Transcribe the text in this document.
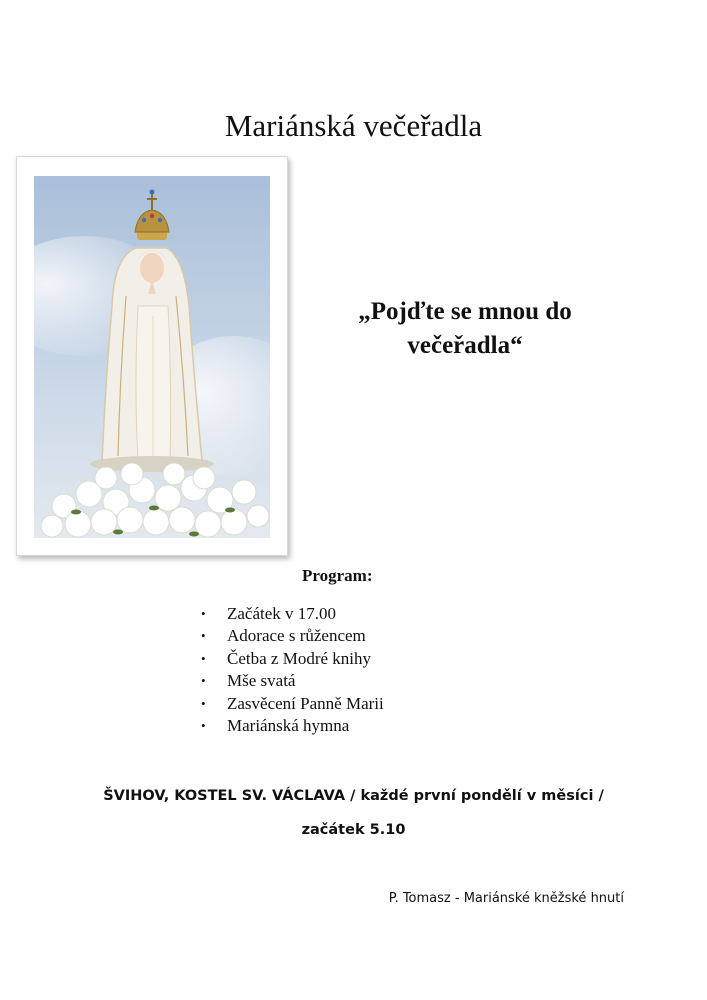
Mariánská večeřadla
„Pojďte se mnou do
večeřadla“
Program:
• Začátek v 17.00
• Adorace s růžencem
• Četba z Modré knihy
• Mše svatá
• Zasvěcení Panně Marii
• Mariánská hymna
ŠVIHOV, KOSTEL SV. VÁCLAVA / každé první pondělí v měsíci /
začátek 5.10
P. Tomasz - Mariánské kněžské hnutí
